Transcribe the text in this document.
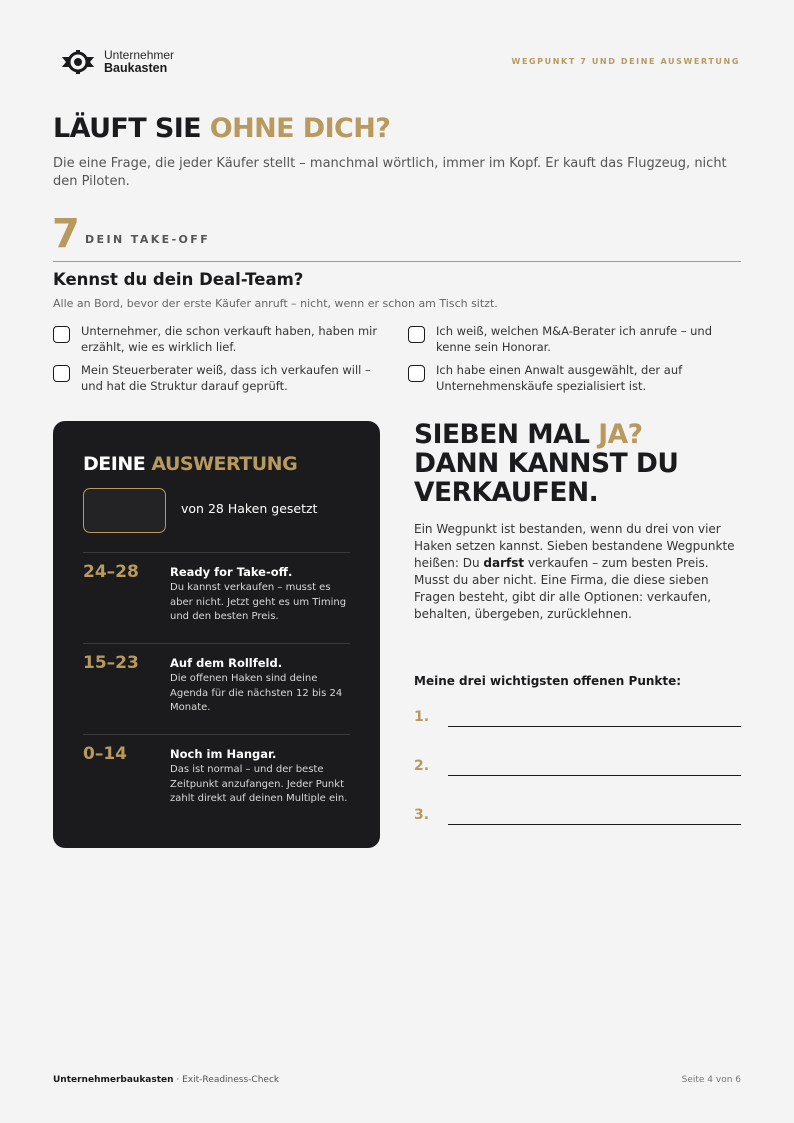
Unternehmer
Baukasten	WEGPUNKT 7 UND DEINE AUSWERTUNG
LÄUFT SIE OHNE DICH?

Die eine Frage, die jeder Käufer stellt – manchmal wörtlich, immer im Kopf. Er kauft das Flugzeug, nicht den Piloten.

7 DEIN TAKE-OFF
Kennst du dein Deal-Team?

Alle an Bord, bevor der erste Käufer anruft – nicht, wenn er schon am Tisch sitzt.

Unternehmer, die schon verkauft haben, haben mir erzählt, wie es wirklich lief.
Ich weiß, welchen M&A-Berater ich anrufe – und kenne sein Honorar.
Mein Steuerberater weiß, dass ich verkaufen will – und hat die Struktur darauf geprüft.
Ich habe einen Anwalt ausgewählt, der auf Unternehmenskäufe spezialisiert ist.
DEINE AUSWERTUNG
von 28 Haken gesetzt
24–28	Ready for Take-off.
Du kannst verkaufen – musst es aber nicht. Jetzt geht es um Timing und den besten Preis.
15–23	Auf dem Rollfeld.
Die offenen Haken sind deine Agenda für die nächsten 12 bis 24 Monate.
0–14	Noch im Hangar.
Das ist normal – und der beste Zeitpunkt anzufangen. Jeder Punkt zahlt direkt auf deinen Multiple ein.
SIEBEN MAL JA?
DANN KANNST DU
VERKAUFEN.

Ein Wegpunkt ist bestanden, wenn du drei von vier Haken setzen kannst. Sieben bestandene Wegpunkte heißen: Du darfst verkaufen – zum besten Preis. Musst du aber nicht. Eine Firma, die diese sieben Fragen besteht, gibt dir alle Optionen: verkaufen, behalten, übergeben, zurücklehnen.

Meine drei wichtigsten offenen Punkte:
1.
2.
3.
Unternehmerbaukasten · Exit-Readiness-Check	Seite 4 von 6
